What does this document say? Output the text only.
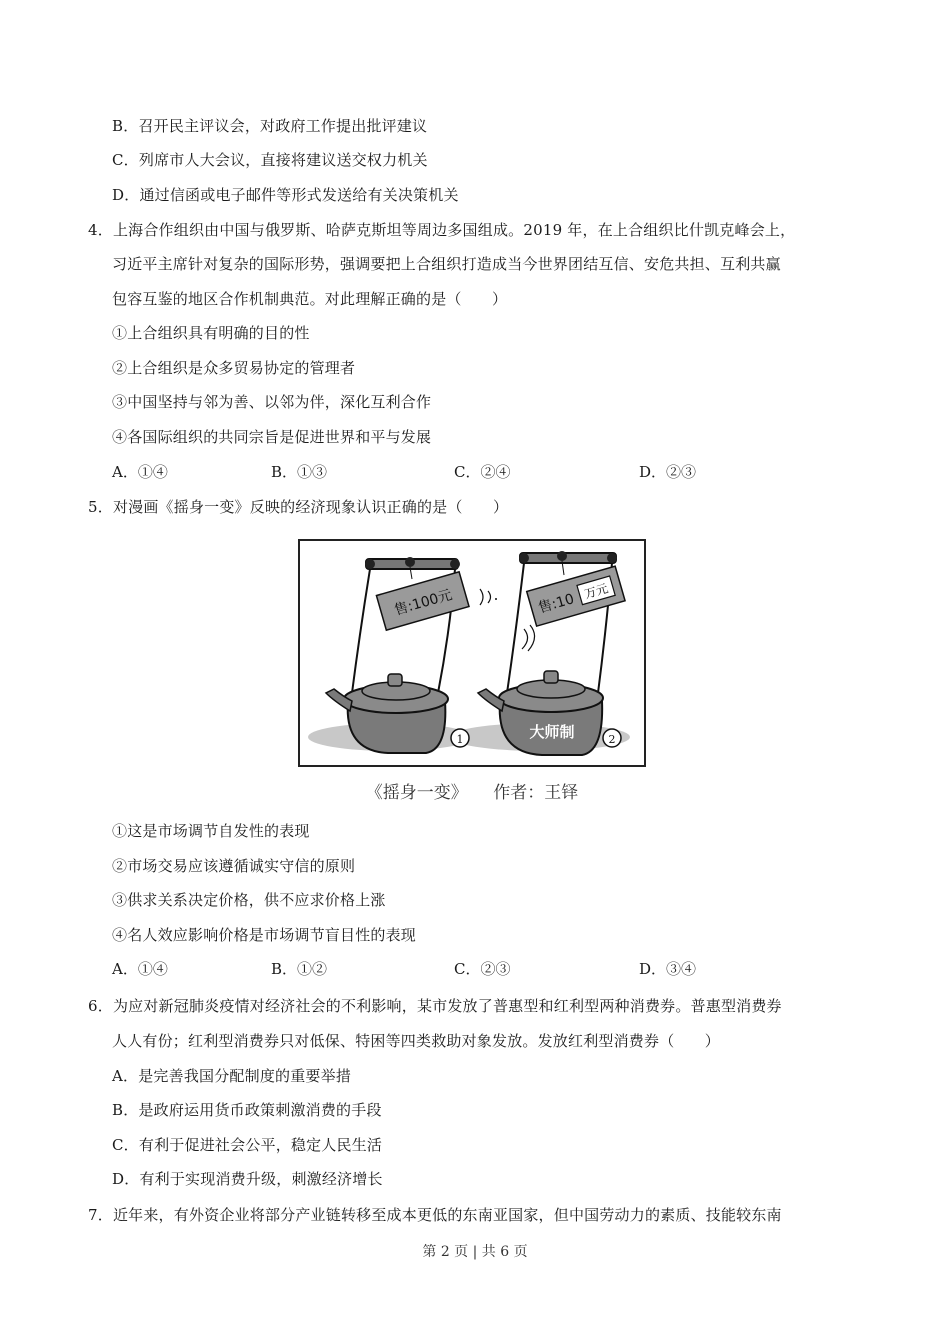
B．召开民主评议会，对政府工作提出批评建议
C．列席市人大会议，直接将建议送交权力机关
D．通过信函或电子邮件等形式发送给有关决策机关
4．上海合作组织由中国与俄罗斯、哈萨克斯坦等周边多国组成。2019 年，在上合组织比什凯克峰会上，
习近平主席针对复杂的国际形势，强调要把上合组织打造成当今世界团结互信、安危共担、互利共赢
包容互鉴的地区合作机制典范。对此理解正确的是（　　）
①上合组织具有明确的目的性
②上合组织是众多贸易协定的管理者
③中国坚持与邻为善、以邻为伴，深化互利合作
④各国际组织的共同宗旨是促进世界和平与发展
A．①④	B．①③	C．②④	D．②③
5．对漫画《摇身一变》反映的经济现象认识正确的是（　　）
售:100元
1
售:10 万元
大师制	2
《摇身一变》 作者：王铎
①这是市场调节自发性的表现
②市场交易应该遵循诚实守信的原则
③供求关系决定价格，供不应求价格上涨
④名人效应影响价格是市场调节盲目性的表现
A．①④	B．①②	C．②③	D．③④
6．为应对新冠肺炎疫情对经济社会的不利影响，某市发放了普惠型和红利型两种消费券。普惠型消费券
人人有份；红利型消费券只对低保、特困等四类救助对象发放。发放红利型消费券（　　）
A．是完善我国分配制度的重要举措
B．是政府运用货币政策刺激消费的手段
C．有利于促进社会公平，稳定人民生活
D．有利于实现消费升级，刺激经济增长
7．近年来，有外资企业将部分产业链转移至成本更低的东南亚国家，但中国劳动力的素质、技能较东南
第 2 页 | 共 6 页
